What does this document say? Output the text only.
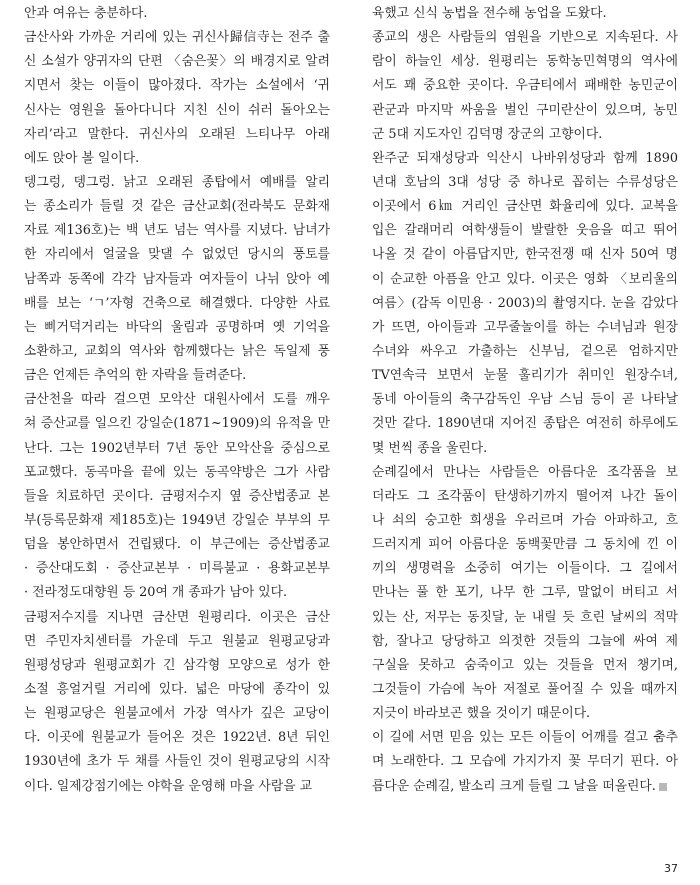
안과 여유는 충분하다.
금산사와 가까운 거리에 있는 귀신사歸信寺는 전주 출
신 소설가 양귀자의 단편 〈숨은꽃〉의 배경지로 알려
지면서 찾는 이들이 많아졌다. 작가는 소설에서 ‘귀
신사는 영원을 돌아다니다 지친 신이 쉬러 돌아오는
자리’라고 말한다. 귀신사의 오래된 느티나무 아래
에도 앉아 볼 일이다.
뎅그렁, 뎅그렁. 낡고 오래된 종탑에서 예배를 알리
는 종소리가 들릴 것 같은 금산교회(전라북도 문화재
자료 제136호)는 백 년도 넘는 역사를 지녔다. 남녀가
한 자리에서 얼굴을 맞댈 수 없었던 당시의 풍토를
남쪽과 동쪽에 각각 남자들과 여자들이 나뉘 앉아 예
배를 보는 ‘ㄱ’자형 건축으로 해결했다. 다양한 사료
는 삐거덕거리는 바닥의 울림과 공명하며 옛 기억을
소환하고, 교회의 역사와 함께했다는 낡은 독일제 풍
금은 언제든 추억의 한 자락을 들려준다.
금산천을 따라 걸으면 모악산 대원사에서 도를 깨우
쳐 증산교를 일으킨 강일순(1871~1909)의 유적을 만
난다. 그는 1902년부터 7년 동안 모악산을 중심으로
포교했다. 동곡마을 끝에 있는 동곡약방은 그가 사람
들을 치료하던 곳이다. 금평저수지 옆 증산법종교 본
부(등록문화재 제185호)는 1949년 강일순 부부의 무
덤을 봉안하면서 건립됐다. 이 부근에는 증산법종교
· 증산대도회 · 증산교본부 · 미륵불교 · 용화교본부
· 전라정도대향원 등 20여 개 종파가 남아 있다.
금평저수지를 지나면 금산면 원평리다. 이곳은 금산
면 주민자치센터를 가운데 두고 원불교 원평교당과
원평성당과 원평교회가 긴 삼각형 모양으로 성가 한
소절 흥얼거릴 거리에 있다. 넓은 마당에 종각이 있
는 원평교당은 원불교에서 가장 역사가 깊은 교당이
다. 이곳에 원불교가 들어온 것은 1922년. 8년 뒤인
1930년에 초가 두 채를 사들인 것이 원평교당의 시작
이다. 일제강점기에는 야학을 운영해 마을 사람을 교
육했고 신식 농법을 전수해 농업을 도왔다.
종교의 생은 사람들의 염원을 기반으로 지속된다. 사
람이 하늘인 세상. 원평리는 동학농민혁명의 역사에
서도 꽤 중요한 곳이다. 우금티에서 패배한 농민군이
관군과 마지막 싸움을 벌인 구미란산이 있으며, 농민
군 5대 지도자인 김덕명 장군의 고향이다.
완주군 되재성당과 익산시 나바위성당과 함께 1890
년대 호남의 3대 성당 중 하나로 꼽히는 수류성당은
이곳에서 6㎞ 거리인 금산면 화율리에 있다. 교복을
입은 갈래머리 여학생들이 발랄한 웃음을 띠고 뛰어
나올 것 같이 아름답지만, 한국전쟁 때 신자 50여 명
이 순교한 아픔을 안고 있다. 이곳은 영화 〈보리울의
여름〉(감독 이민용 · 2003)의 촬영지다. 눈을 감았다
가 뜨면, 아이들과 고무줄놀이를 하는 수녀님과 원장
수녀와 싸우고 가출하는 신부님, 겉으론 엄하지만
TV연속극 보면서 눈물 훌리기가 취미인 원장수녀,
동네 아이들의 축구감독인 우남 스님 등이 곧 나타날
것만 같다. 1890년대 지어진 종탑은 여전히 하루에도
몇 번씩 종을 울린다.
순례길에서 만나는 사람들은 아름다운 조각품을 보
더라도 그 조각품이 탄생하기까지 떨어져 나간 돌이
나 쇠의 숭고한 희생을 우러르며 가슴 아파하고, 흐
드러지게 피어 아름다운 동백꽃만큼 그 동치에 낀 이
끼의 생명력을 소중히 여기는 이들이다. 그 길에서
만나는 풀 한 포기, 나무 한 그루, 말없이 버티고 서
있는 산, 저무는 동짓달, 눈 내릴 듯 흐린 날씨의 적막
함, 잘나고 당당하고 의젓한 것들의 그늘에 싸여 제
구실을 못하고 숨죽이고 있는 것들을 먼저 챙기며,
그것들이 가슴에 녹아 저절로 풀어질 수 있을 때까지
지긋이 바라보곤 했을 것이기 때문이다.
이 길에 서면 믿음 있는 모든 이들이 어깨를 걸고 춤추
며 노래한다. 그 모습에 가지가지 꽃 무더기 핀다. 아
름다운 순례길, 발소리 크게 들릴 그 날을 떠올린다.
37
